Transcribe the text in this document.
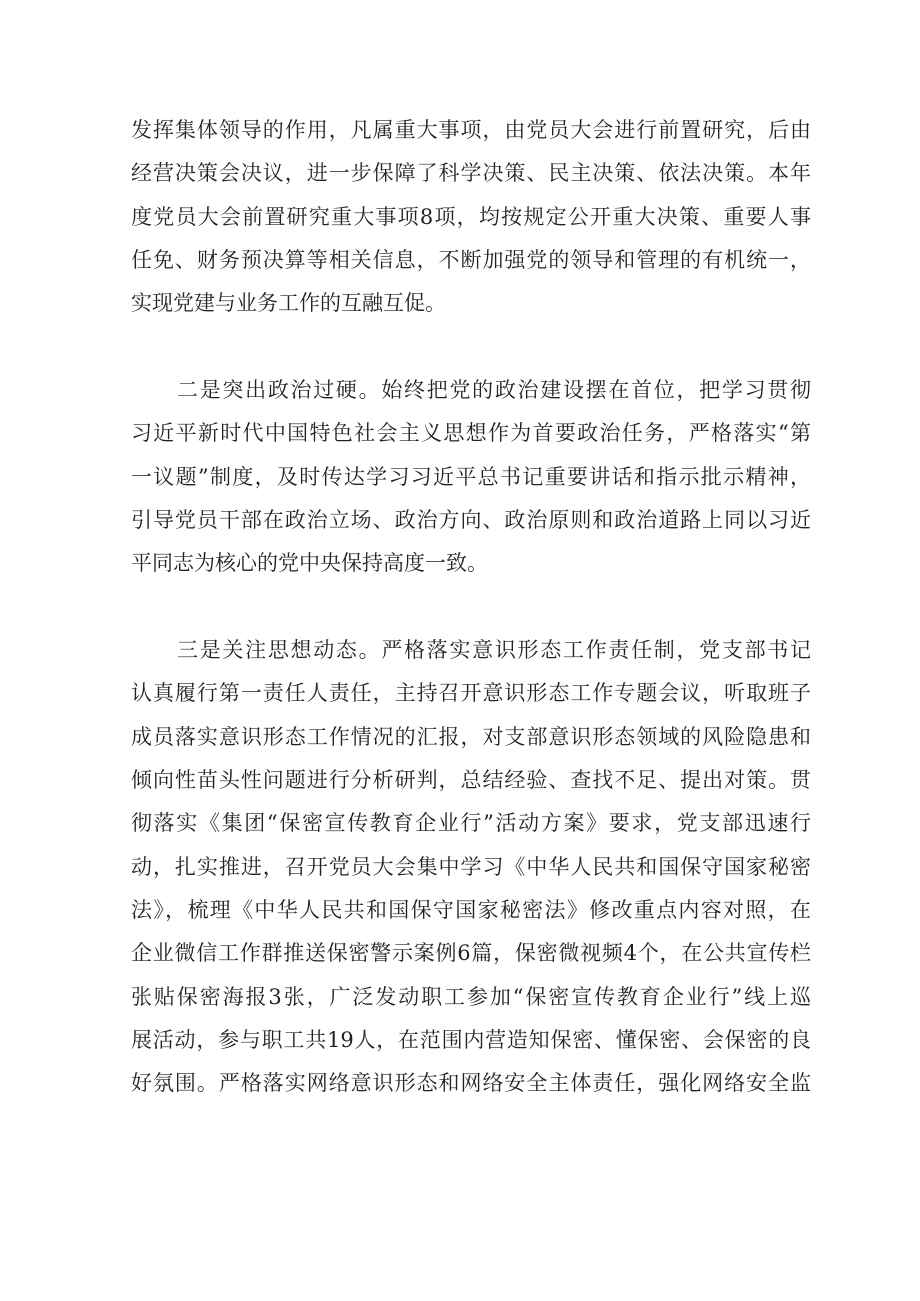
发挥集体领导的作用，凡属重大事项，由党员大会进行前置研究，后由
经营决策会决议，进一步保障了科学决策、民主决策、依法决策。本年
度党员大会前置研究重大事项8项，均按规定公开重大决策、重要人事
任免、财务预决算等相关信息，不断加强党的领导和管理的有机统一，
实现党建与业务工作的互融互促。
二是突出政治过硬。始终把党的政治建设摆在首位，把学习贯彻
习近平新时代中国特色社会主义思想作为首要政治任务，严格落实“第
一议题”制度，及时传达学习习近平总书记重要讲话和指示批示精神，
引导党员干部在政治立场、政治方向、政治原则和政治道路上同以习近
平同志为核心的党中央保持高度一致。
三是关注思想动态。严格落实意识形态工作责任制，党支部书记
认真履行第一责任人责任，主持召开意识形态工作专题会议，听取班子
成员落实意识形态工作情况的汇报，对支部意识形态领域的风险隐患和
倾向性苗头性问题进行分析研判，总结经验、查找不足、提出对策。贯
彻落实《集团“保密宣传教育企业行”活动方案》要求，党支部迅速行
动，扎实推进，召开党员大会集中学习《中华人民共和国保守国家秘密
法》，梳理《中华人民共和国保守国家秘密法》修改重点内容对照，在
企业微信工作群推送保密警示案例6篇，保密微视频4个，在公共宣传栏
张贴保密海报3张，广泛发动职工参加“保密宣传教育企业行”线上巡
展活动，参与职工共19人，在范围内营造知保密、懂保密、会保密的良
好氛围。严格落实网络意识形态和网络安全主体责任，强化网络安全监
